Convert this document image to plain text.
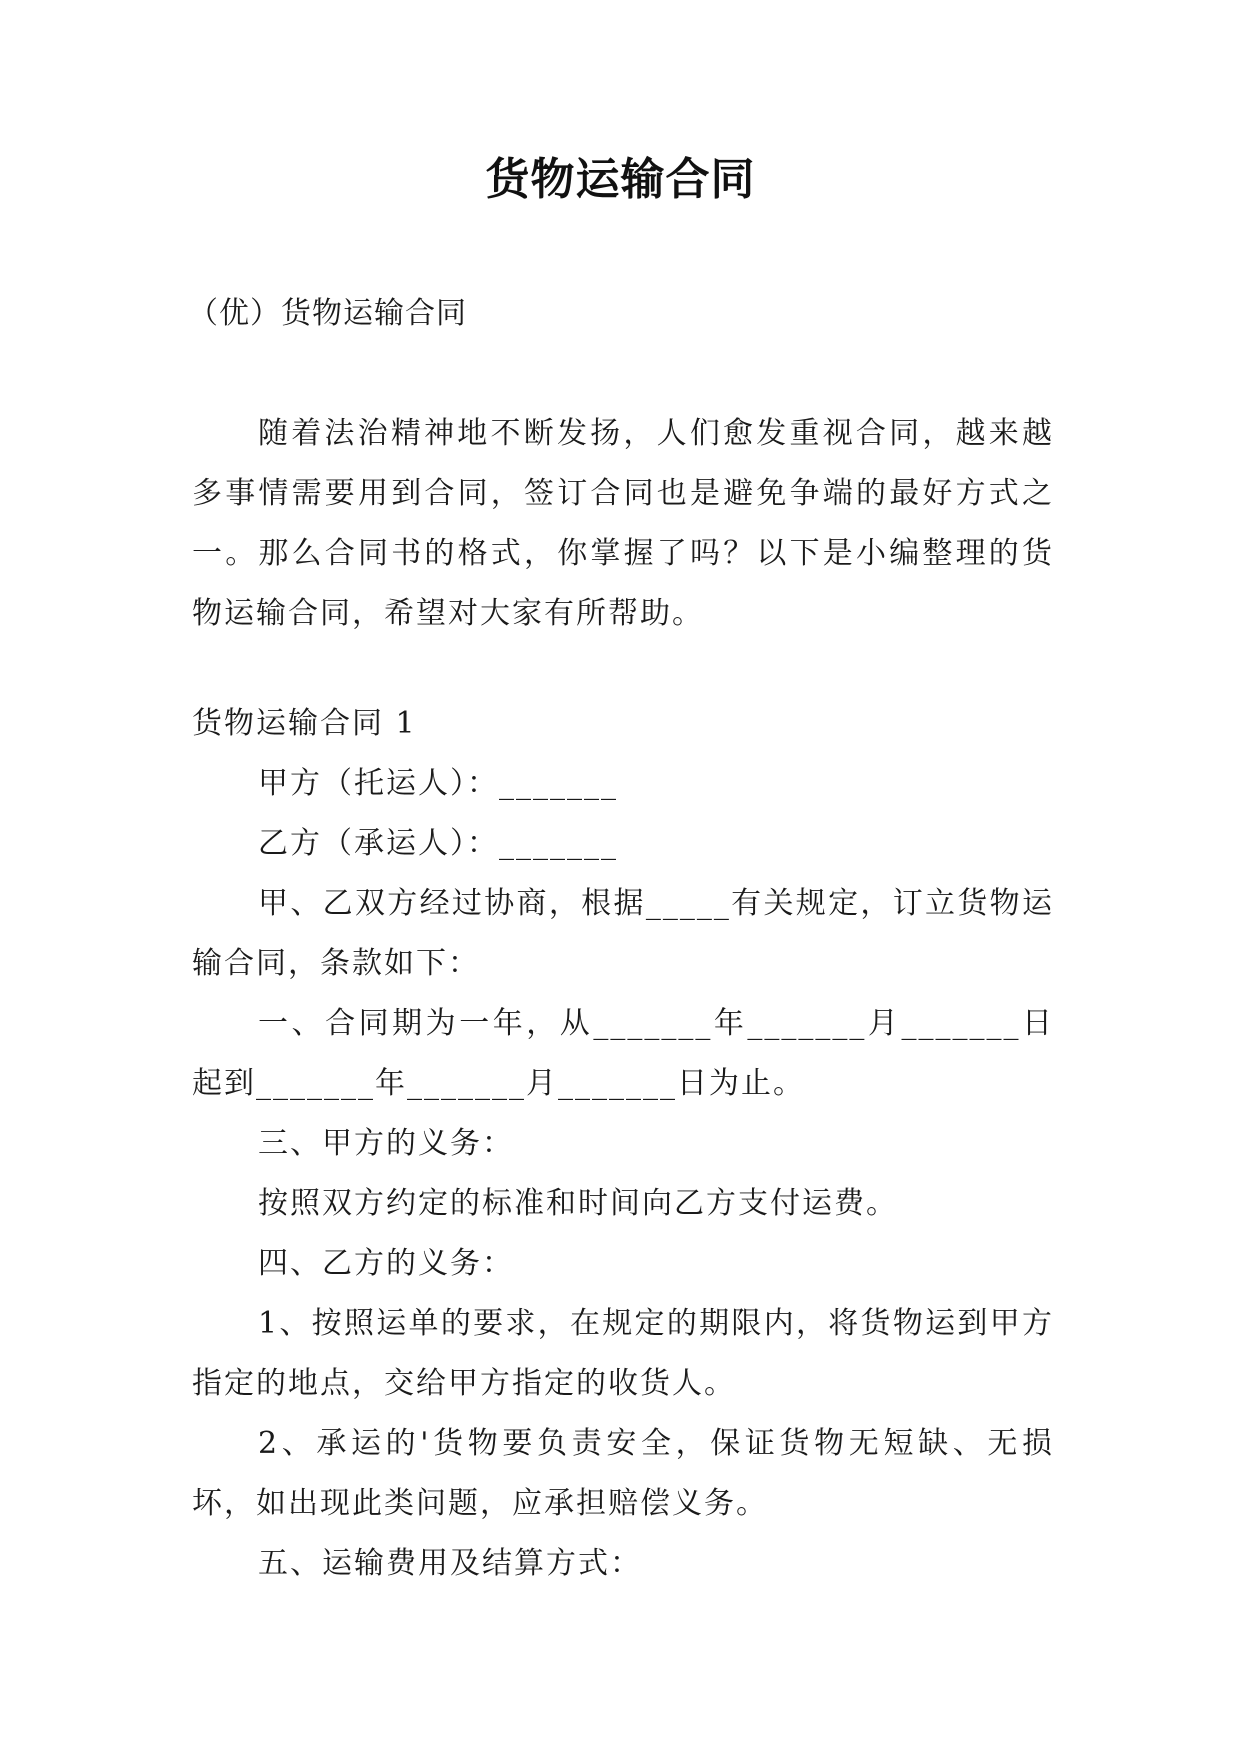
货物运输合同
（优）货物运输合同

随着法治精神地不断发扬，人们愈发重视合同，越来越多事情需要用到合同，签订合同也是避免争端的最好方式之一。那么合同书的格式，你掌握了吗？以下是小编整理的货物运输合同，希望对大家有所帮助。

货物运输合同 1

甲方（托运人）：_______

乙方（承运人）：_______

甲、乙双方经过协商，根据_____有关规定，订立货物运输合同，条款如下：

一、合同期为一年，从_______年_______月_______日起到_______年_______月_______日为止。

三、甲方的义务：

按照双方约定的标准和时间向乙方支付运费。

四、乙方的义务：

1、按照运单的要求，在规定的期限内，将货物运到甲方指定的地点，交给甲方指定的收货人。

2、承运的'货物要负责安全，保证货物无短缺、无损坏，如出现此类问题，应承担赔偿义务。

五、运输费用及结算方式：
